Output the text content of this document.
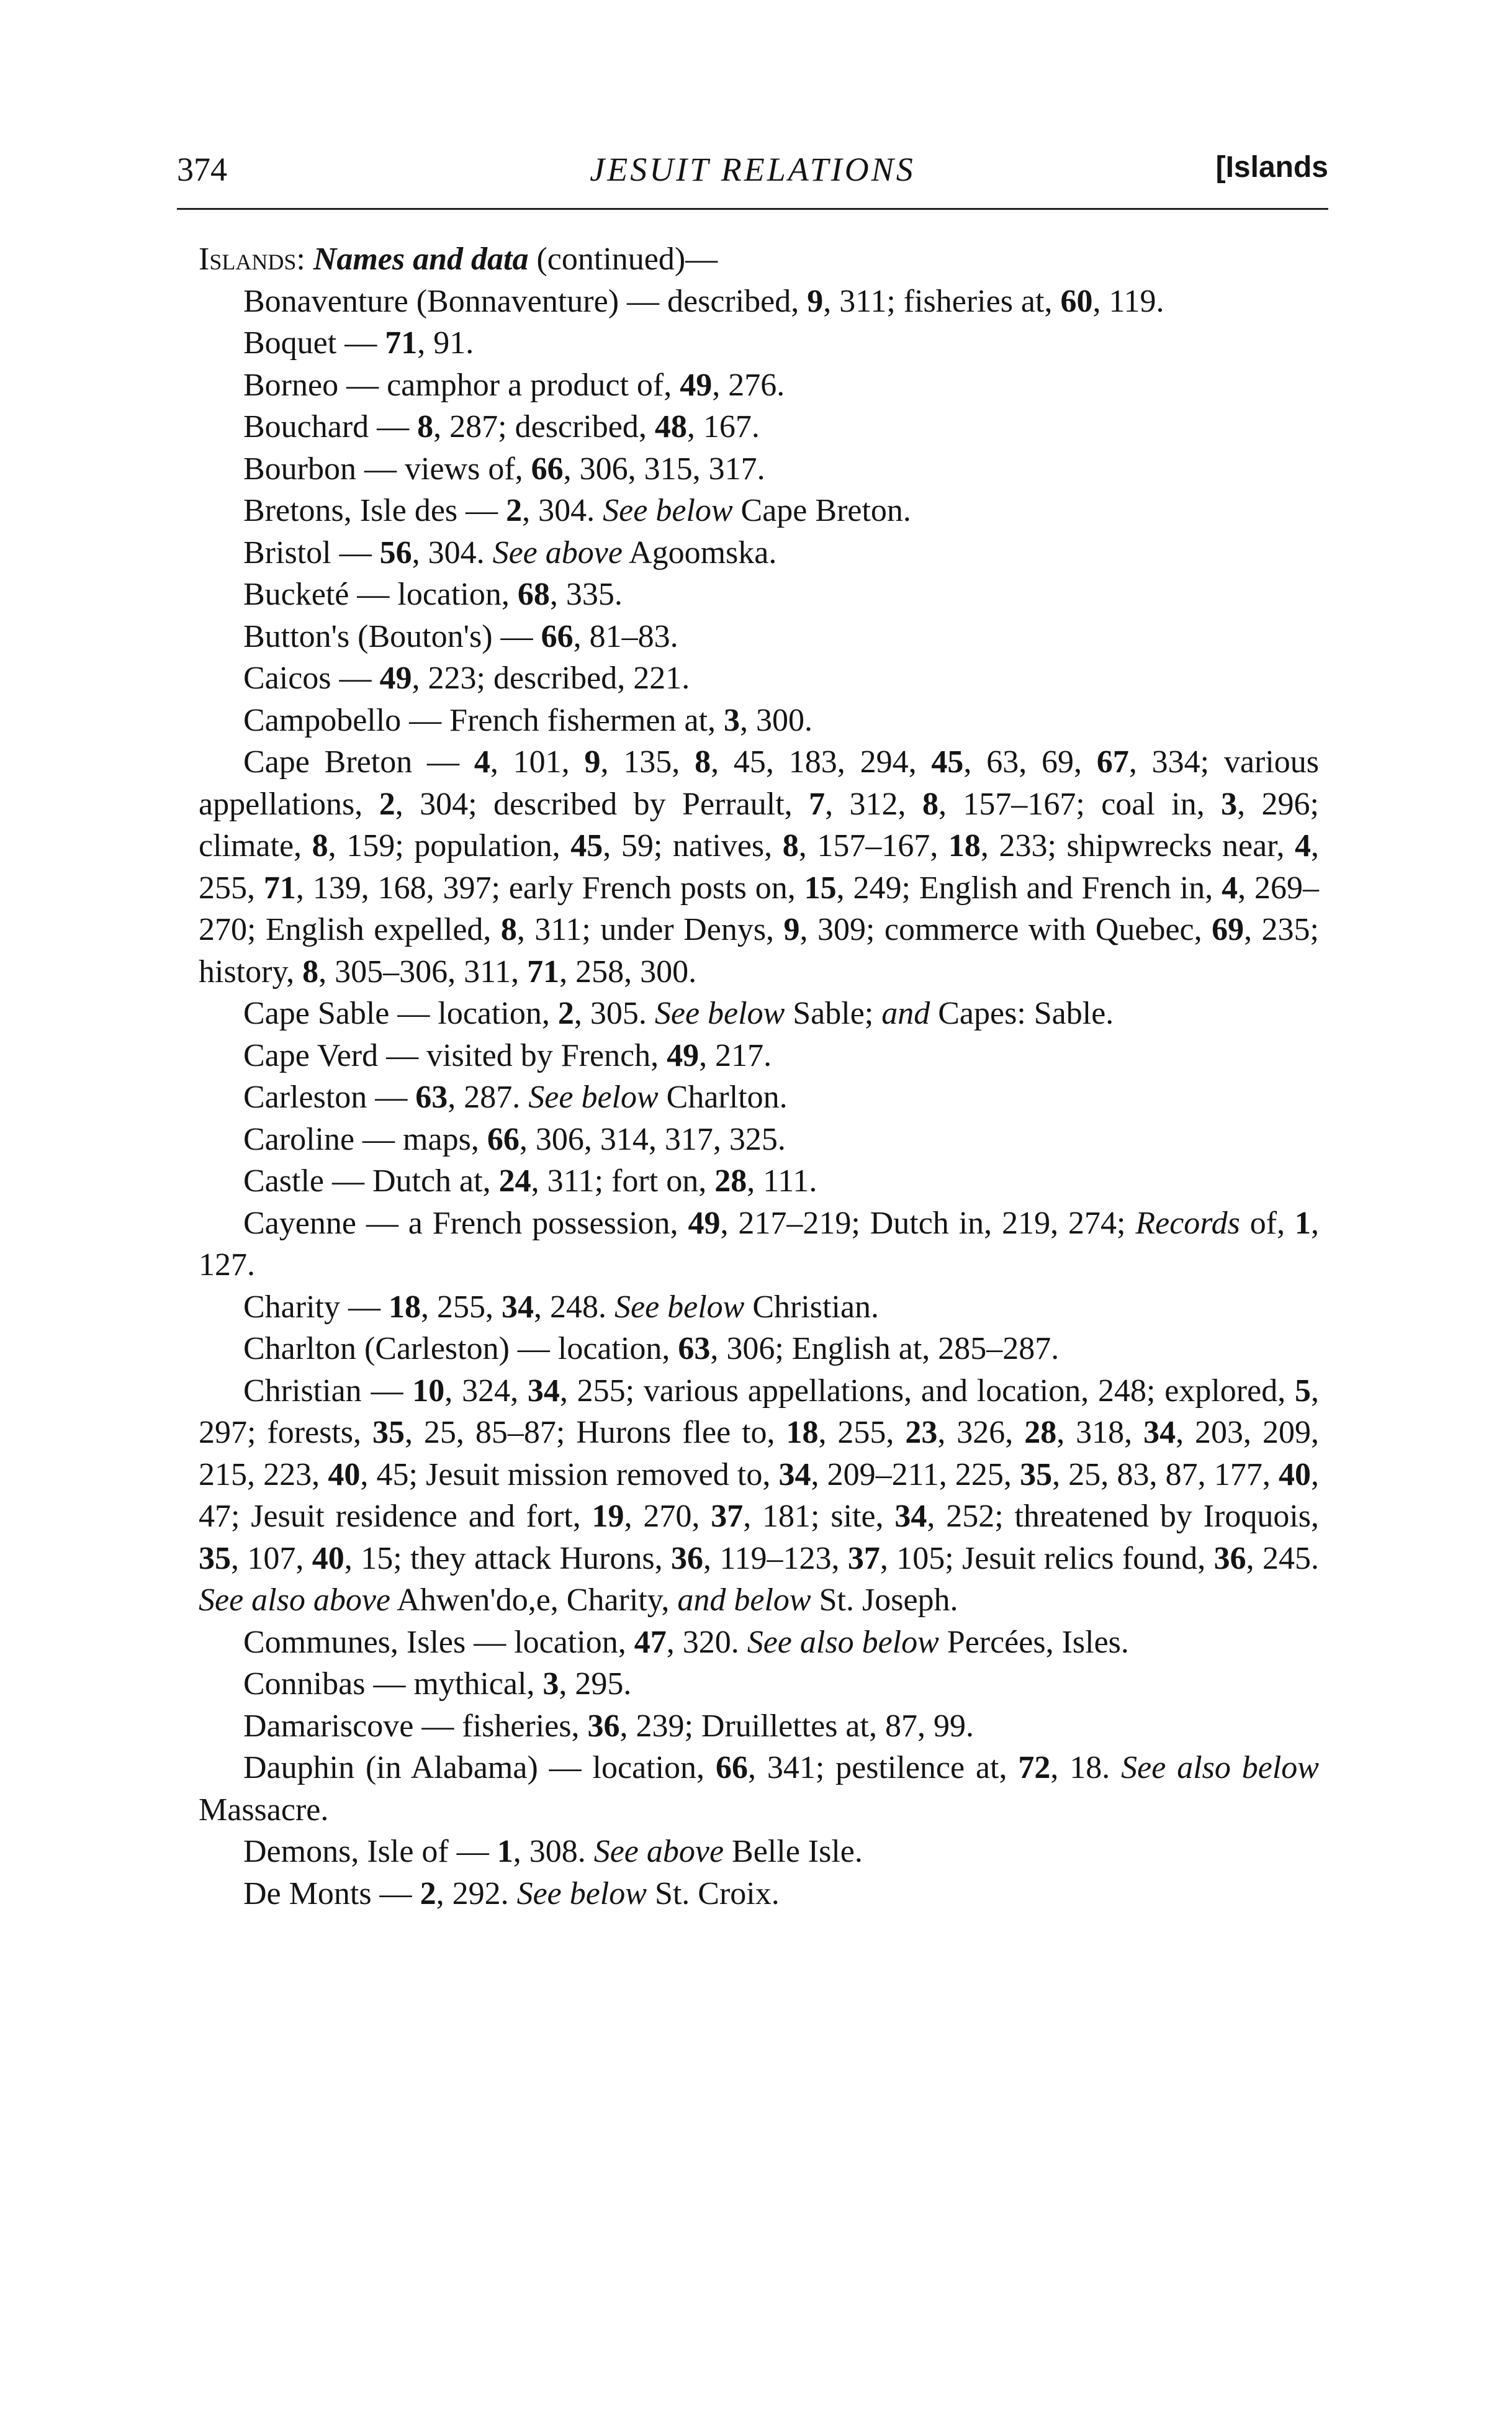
374	JESUIT RELATIONS	[Islands
Islands: Names and data (continued)—

Bonaventure (Bonnaventure) — described, 9, 311; fisheries at, 60, 119.

Boquet — 71, 91.

Borneo — camphor a product of, 49, 276.

Bouchard — 8, 287; described, 48, 167.

Bourbon — views of, 66, 306, 315, 317.

Bretons, Isle des — 2, 304. See below Cape Breton.

Bristol — 56, 304. See above Agoomska.

Bucketé — location, 68, 335.

Button's (Bouton's) — 66, 81–83.

Caicos — 49, 223; described, 221.

Campobello — French fishermen at, 3, 300.

Cape Breton — 4, 101, 9, 135, 8, 45, 183, 294, 45, 63, 69, 67, 334; various appellations, 2, 304; described by Perrault, 7, 312, 8, 157–167; coal in, 3, 296; climate, 8, 159; population, 45, 59; natives, 8, 157–167, 18, 233; shipwrecks near, 4, 255, 71, 139, 168, 397; early French posts on, 15, 249; English and French in, 4, 269–270; English expelled, 8, 311; under Denys, 9, 309; commerce with Quebec, 69, 235; history, 8, 305–306, 311, 71, 258, 300.

Cape Sable — location, 2, 305. See below Sable; and Capes: Sable.

Cape Verd — visited by French, 49, 217.

Carleston — 63, 287. See below Charlton.

Caroline — maps, 66, 306, 314, 317, 325.

Castle — Dutch at, 24, 311; fort on, 28, 111.

Cayenne — a French possession, 49, 217–219; Dutch in, 219, 274; Records of, 1, 127.

Charity — 18, 255, 34, 248. See below Christian.

Charlton (Carleston) — location, 63, 306; English at, 285–287.

Christian — 10, 324, 34, 255; various appellations, and location, 248; explored, 5, 297; forests, 35, 25, 85–87; Hurons flee to, 18, 255, 23, 326, 28, 318, 34, 203, 209, 215, 223, 40, 45; Jesuit mission removed to, 34, 209–211, 225, 35, 25, 83, 87, 177, 40, 47; Jesuit residence and fort, 19, 270, 37, 181; site, 34, 252; threatened by Iroquois, 35, 107, 40, 15; they attack Hurons, 36, 119–123, 37, 105; Jesuit relics found, 36, 245. See also above Ahwen'do,e, Charity, and below St. Joseph.

Communes, Isles — location, 47, 320. See also below Percées, Isles.

Connibas — mythical, 3, 295.

Damariscove — fisheries, 36, 239; Druillettes at, 87, 99.

Dauphin (in Alabama) — location, 66, 341; pestilence at, 72, 18. See also below Massacre.

Demons, Isle of — 1, 308. See above Belle Isle.

De Monts — 2, 292. See below St. Croix.
